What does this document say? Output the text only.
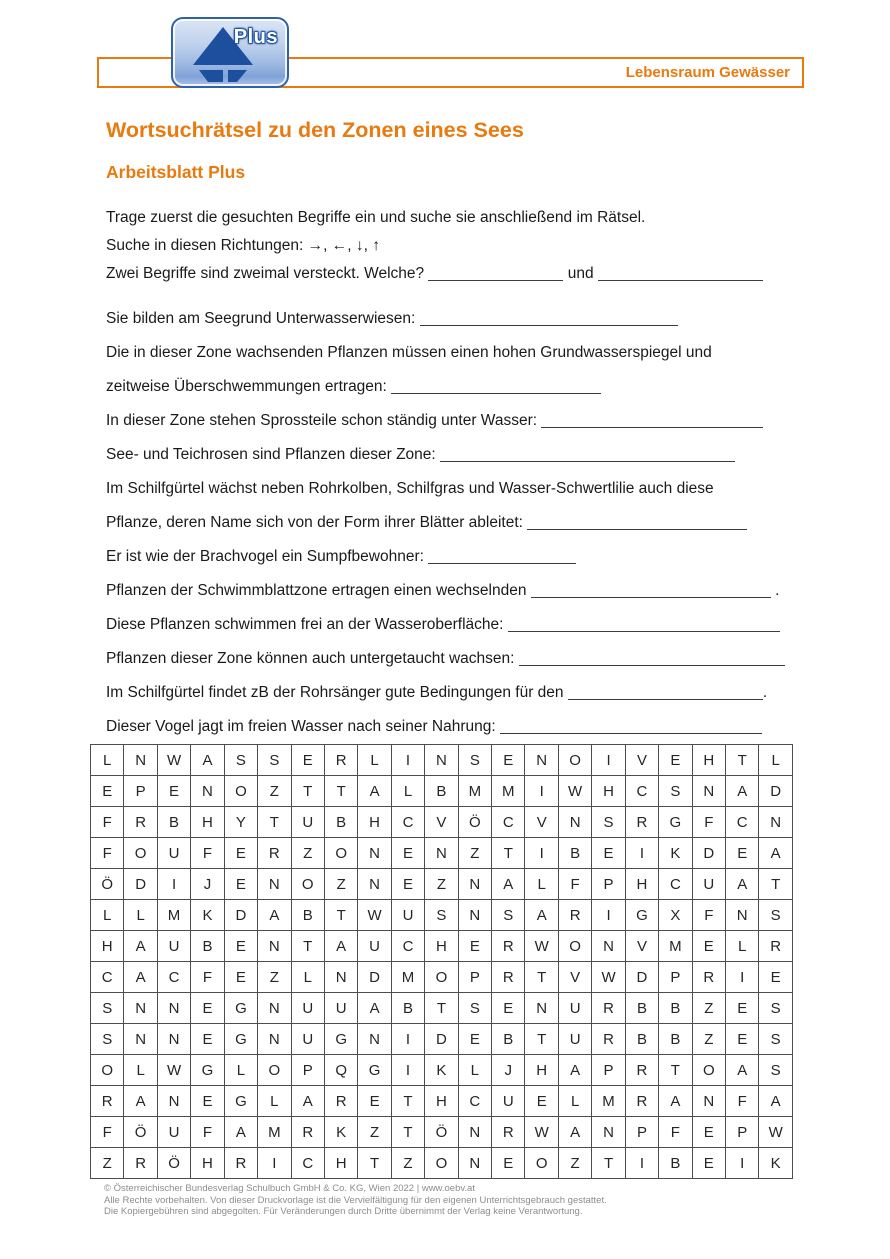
Lebensraum Gewässer
Plus
Wortsuchrätsel zu den Zonen eines Sees
Arbeitsblatt Plus
Trage zuerst die gesuchten Begriffe ein und suche sie anschließend im Rätsel.
Suche in diesen Richtungen: →, ←, ↓, ↑
Zwei Begriffe sind zweimal versteckt. Welche?	und
Sie bilden am Seegrund Unterwasserwiesen:
Die in dieser Zone wachsenden Pflanzen müssen einen hohen Grundwasserspiegel und
zeitweise Überschwemmungen ertragen:
In dieser Zone stehen Sprossteile schon ständig unter Wasser:
See- und Teichrosen sind Pflanzen dieser Zone:
Im Schilfgürtel wächst neben Rohrkolben, Schilfgras und Wasser-Schwertlilie auch diese
Pflanze, deren Name sich von der Form ihrer Blätter ableitet:
Er ist wie der Brachvogel ein Sumpfbewohner:
Pflanzen der Schwimmblattzone ertragen einen wechselnden	.
Diese Pflanzen schwimmen frei an der Wasseroberfläche:
Pflanzen dieser Zone können auch untergetaucht wachsen:
Im Schilfgürtel findet zB der Rohrsänger gute Bedingungen für den	.
Dieser Vogel jagt im freien Wasser nach seiner Nahrung:
L	N	W	A	S	S	E	R	L	I	N	S	E	N	O	I	V	E	H	T	L
E	P	E	N	O	Z	T	T	A	L	B	M	M	I	W	H	C	S	N	A	D
F	R	B	H	Y	T	U	B	H	C	V	Ö	C	V	N	S	R	G	F	C	N
F	O	U	F	E	R	Z	O	N	E	N	Z	T	I	B	E	I	K	D	E	A
Ö	D	I	J	E	N	O	Z	N	E	Z	N	A	L	F	P	H	C	U	A	T
L	L	M	K	D	A	B	T	W	U	S	N	S	A	R	I	G	X	F	N	S
H	A	U	B	E	N	T	A	U	C	H	E	R	W	O	N	V	M	E	L	R
C	A	C	F	E	Z	L	N	D	M	O	P	R	T	V	W	D	P	R	I	E
S	N	N	E	G	N	U	U	A	B	T	S	E	N	U	R	B	B	Z	E	S
S	N	N	E	G	N	U	G	N	I	D	E	B	T	U	R	B	B	Z	E	S
O	L	W	G	L	O	P	Q	G	I	K	L	J	H	A	P	R	T	O	A	S
R	A	N	E	G	L	A	R	E	T	H	C	U	E	L	M	R	A	N	F	A
F	Ö	U	F	A	M	R	K	Z	T	Ö	N	R	W	A	N	P	F	E	P	W
Z	R	Ö	H	R	I	C	H	T	Z	O	N	E	O	Z	T	I	B	E	I	K
© Österreichischer Bundesverlag Schulbuch GmbH & Co. KG, Wien 2022 | www.oebv.at
Alle Rechte vorbehalten. Von dieser Druckvorlage ist die Vervielfältigung für den eigenen Unterrichtsgebrauch gestattet.
Die Kopiergebühren sind abgegolten. Für Veränderungen durch Dritte übernimmt der Verlag keine Verantwortung.
